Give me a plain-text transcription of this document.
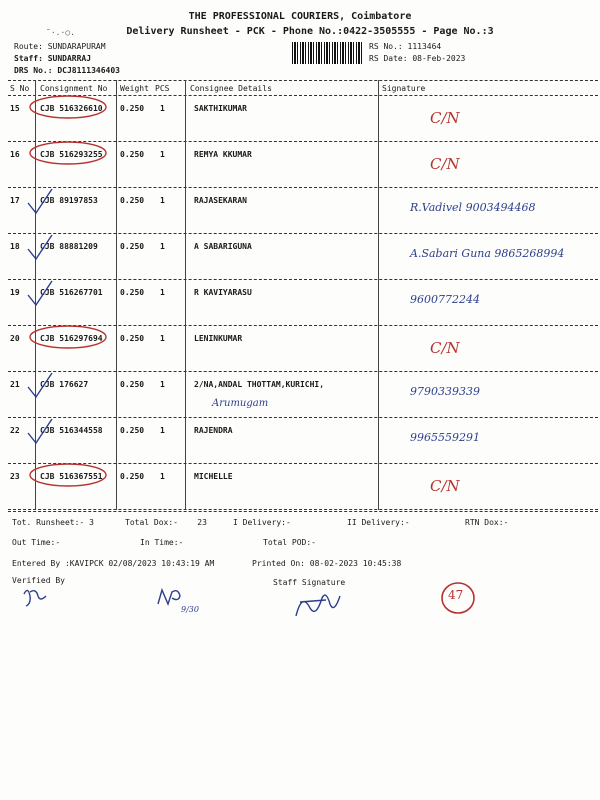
THE PROFESSIONAL COURIERS, Coimbatore
Delivery Runsheet - PCK - Phone No.:0422-3505555 - Page No.:3
˜·.·○.
Route: SUNDARAPURAM
Staff: SUNDARRAJ
DRS No.: DCJ8111346403
RS No.: 1113464
RS Date: 08-Feb-2023
S No Consignment No Weight PCS	Consignee Details	Signature
15	CJB 516326610 0.250 1	SAKTHIKUMAR
C/N
16	CJB 516293255 0.250 1	REMYA KKUMAR
C/N
17	CJB 89197853	0.250 1	RAJASEKARAN
R.Vadivel 9003494468
18	CJB 88881209	0.250 1	A SABARIGUNA
A.Sabari Guna 9865268994
19	CJB 516267701 0.250 1	R KAVIYARASU
9600772244
20	CJB 516297694 0.250 1	LENINKUMAR
C/N
21	CJB 176627	0.250 1	2/NA,ANDAL THOTTAM,KURICHI,
Arumugam
9790339339
22	CJB 516344558 0.250 1	RAJENDRA
9965559291
23	CJB 516367551 0.250 1	MICHELLE
C/N
Tot. Runsheet:- 3	Total Dox:-    23	I Delivery:-	II Delivery:-	RTN Dox:-
Out Time:-	In Time:-	Total POD:-
Entered By :KAVIPCK 02/08/2023 10:43:19 AM	Printed On: 08-02-2023 10:45:38
Verified By	Staff Signature
9/30
47
